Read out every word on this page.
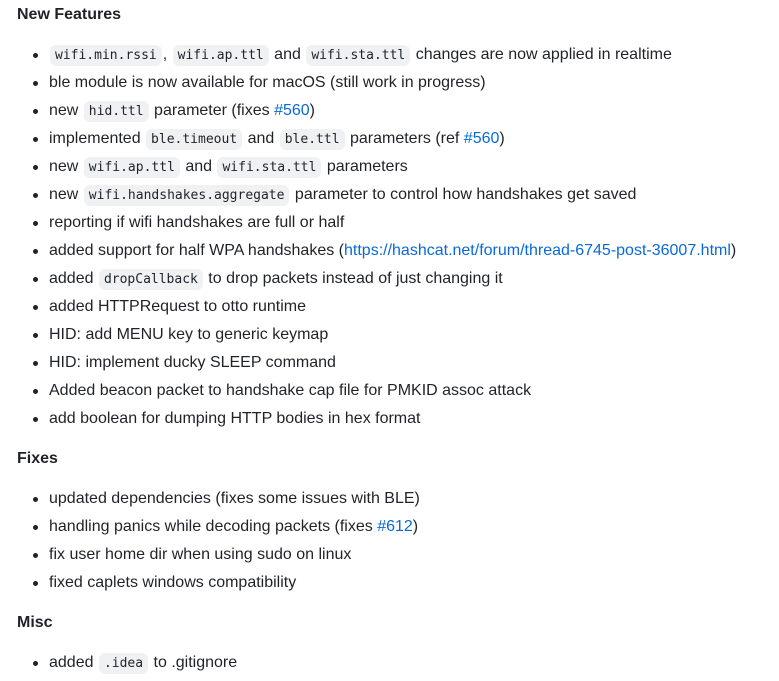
New Features
wifi.min.rssi , wifi.ap.ttl and wifi.sta.ttl changes are now applied in realtime
ble module is now available for macOS (still work in progress)
new hid.ttl parameter (fixes #560)
implemented ble.timeout and ble.ttl parameters (ref #560)
new wifi.ap.ttl and wifi.sta.ttl parameters
new wifi.handshakes.aggregate parameter to control how handshakes get saved
reporting if wifi handshakes are full or half
added support for half WPA handshakes (https://hashcat.net/forum/thread-6745-post-36007.html)
added dropCallback to drop packets instead of just changing it
added HTTPRequest to otto runtime
HID: add MENU key to generic keymap
HID: implement ducky SLEEP command
Added beacon packet to handshake cap file for PMKID assoc attack
add boolean for dumping HTTP bodies in hex format
Fixes
updated dependencies (fixes some issues with BLE)
handling panics while decoding packets (fixes #612)
fix user home dir when using sudo on linux
fixed caplets windows compatibility
Misc
added .idea to .gitignore
